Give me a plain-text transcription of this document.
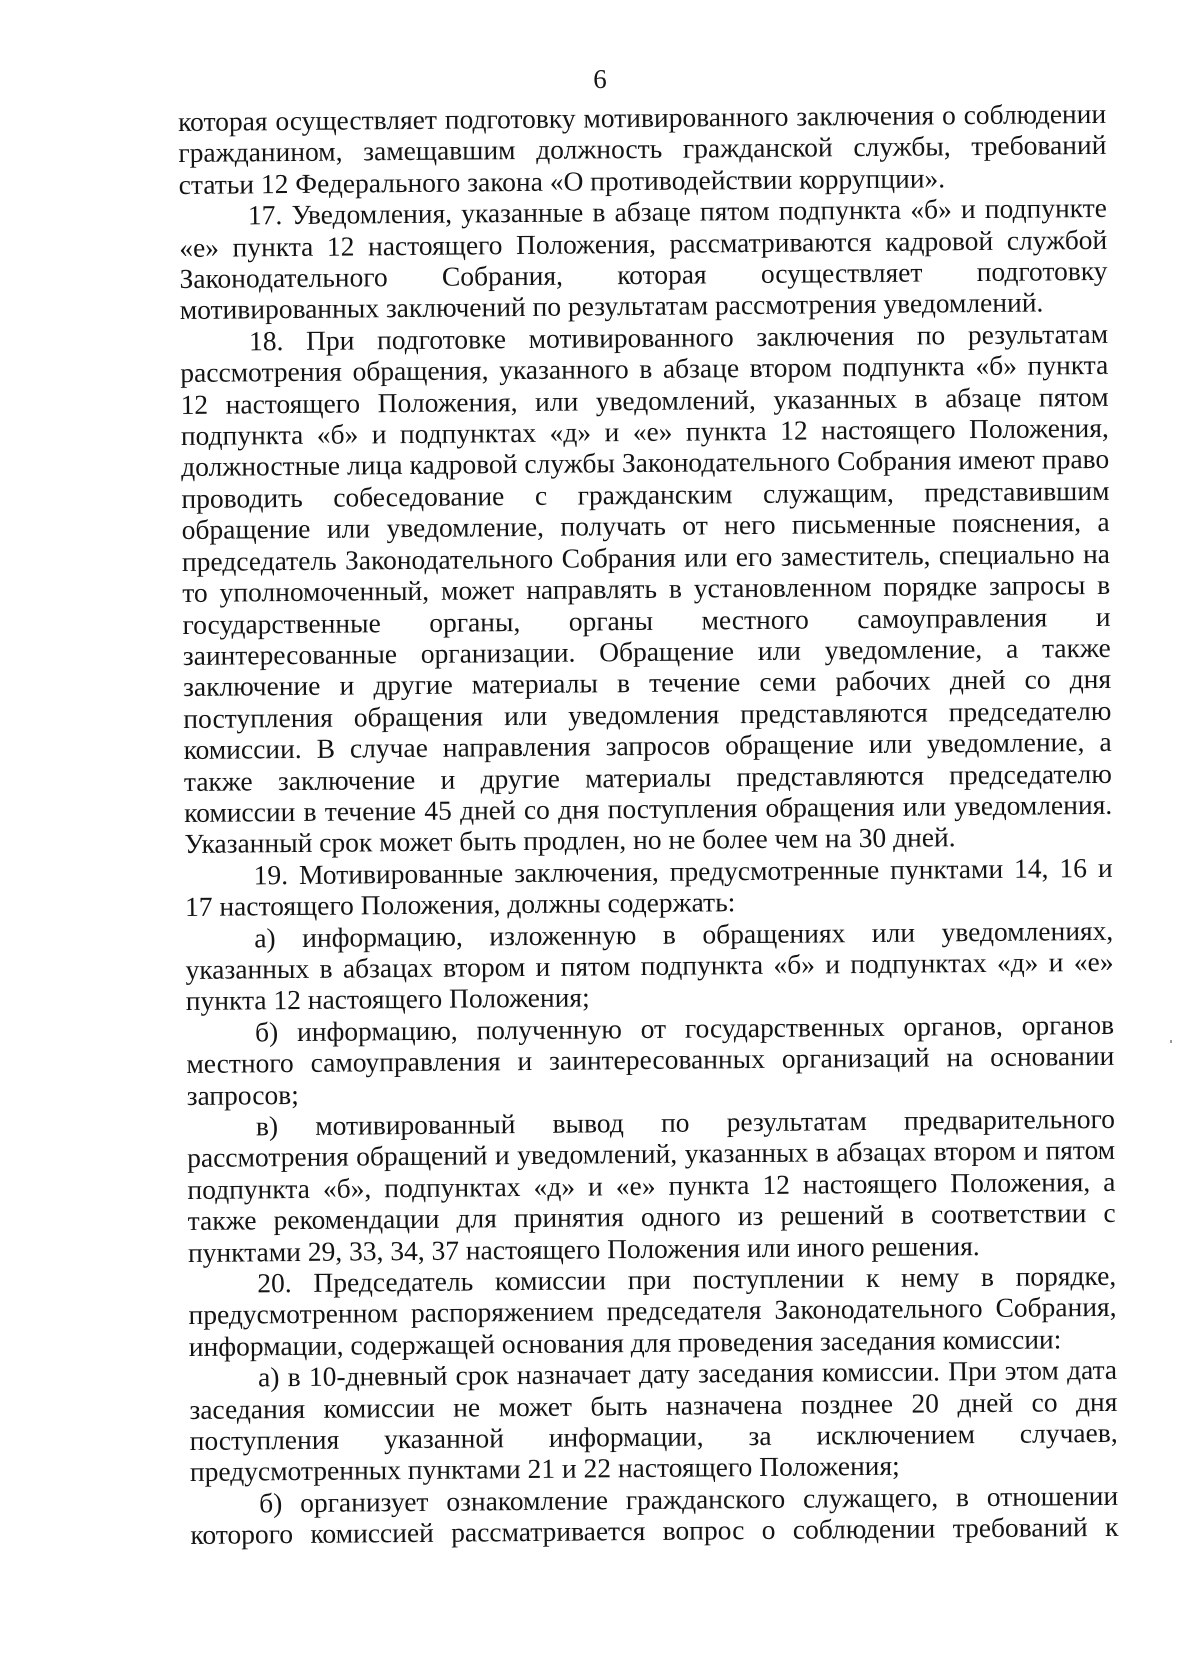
6

которая осуществляет подготовку мотивированного заключения о соблюдении гражданином, замещавшим должность гражданской службы, требований статьи 12 Федерального закона «О противодействии коррупции».

17. Уведомления, указанные в абзаце пятом подпункта «б» и подпункте «е» пункта 12 настоящего Положения, рассматриваются кадровой службой Законодательного Собрания, которая осуществляет подготовку мотивированных заключений по результатам рассмотрения уведомлений.

18. При подготовке мотивированного заключения по результатам рассмотрения обращения, указанного в абзаце втором подпункта «б» пункта 12 настоящего Положения, или уведомлений, указанных в абзаце пятом подпункта «б» и подпунктах «д» и «е» пункта 12 настоящего Положения, должностные лица кадровой службы Законодательного Собрания имеют право проводить собеседование с гражданским служащим, представившим обращение или уведомление, получать от него письменные пояснения, а председатель Законодательного Собрания или его заместитель, специально на то уполномоченный, может направлять в установленном порядке запросы в государственные органы, органы местного самоуправления и заинтересованные организации. Обращение или уведомление, а также заключение и другие материалы в течение семи рабочих дней со дня поступления обращения или уведомления представляются председателю комиссии. В случае направления запросов обращение или уведомление, а также заключение и другие материалы представляются председателю комиссии в течение 45 дней со дня поступления обращения или уведомления. Указанный срок может быть продлен, но не более чем на 30 дней.

19. Мотивированные заключения, предусмотренные пунктами 14, 16 и 17 настоящего Положения, должны содержать:

а) информацию, изложенную в обращениях или уведомлениях, указанных в абзацах втором и пятом подпункта «б» и подпунктах «д» и «е» пункта 12 настоящего Положения;

б) информацию, полученную от государственных органов, органов местного самоуправления и заинтересованных организаций на основании запросов;

в) мотивированный вывод по результатам предварительного рассмотрения обращений и уведомлений, указанных в абзацах втором и пятом подпункта «б», подпунктах «д» и «е» пункта 12 настоящего Положения, а также рекомендации для принятия одного из решений в соответствии с пунктами 29, 33, 34, 37 настоящего Положения или иного решения.

20. Председатель комиссии при поступлении к нему в порядке, предусмотренном распоряжением председателя Законодательного Собрания, информации, содержащей основания для проведения заседания комиссии:

а) в 10-дневный срок назначает дату заседания комиссии. При этом дата заседания комиссии не может быть назначена позднее 20 дней со дня поступления указанной информации, за исключением случаев, предусмотренных пунктами 21 и 22 настоящего Положения;

б) организует ознакомление гражданского служащего, в отношении которого комиссией рассматривается вопрос о соблюдении требований к
